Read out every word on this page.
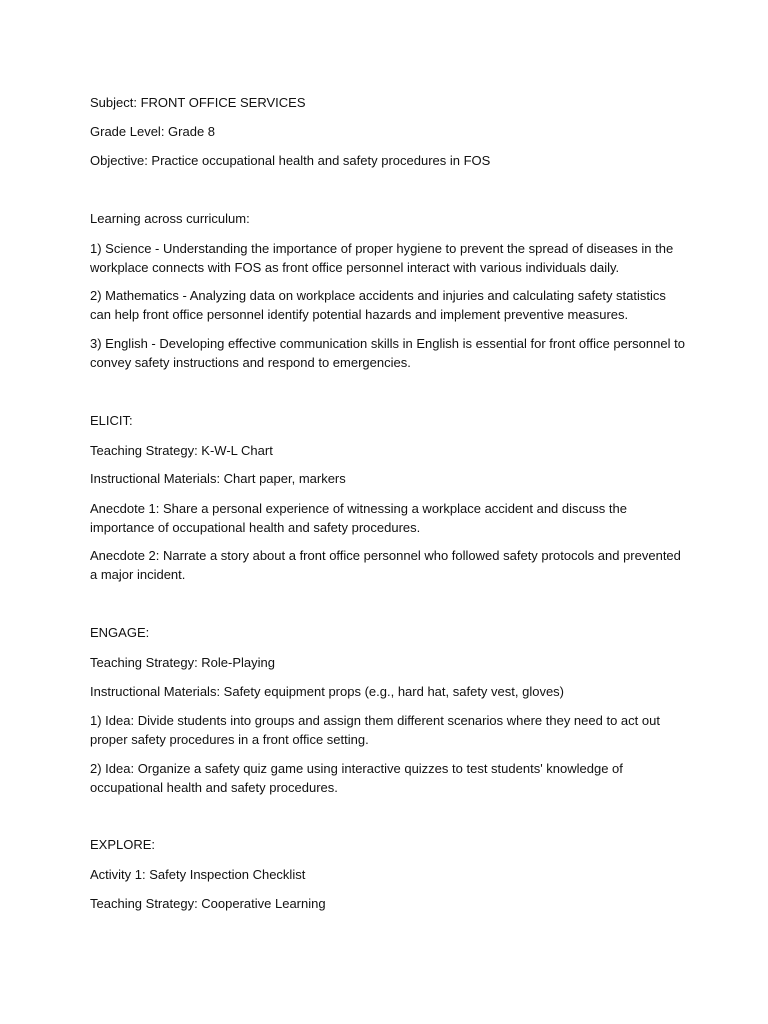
Subject: FRONT OFFICE SERVICES

Grade Level: Grade 8

Objective: Practice occupational health and safety procedures in FOS

Learning across curriculum:

1) Science - Understanding the importance of proper hygiene to prevent the spread of diseases in the workplace connects with FOS as front office personnel interact with various individuals daily.

2) Mathematics - Analyzing data on workplace accidents and injuries and calculating safety statistics can help front office personnel identify potential hazards and implement preventive measures.

3) English - Developing effective communication skills in English is essential for front office personnel to convey safety instructions and respond to emergencies.

ELICIT:

Teaching Strategy: K-W-L Chart

Instructional Materials: Chart paper, markers

Anecdote 1: Share a personal experience of witnessing a workplace accident and discuss the importance of occupational health and safety procedures.

Anecdote 2: Narrate a story about a front office personnel who followed safety protocols and prevented a major incident.

ENGAGE:

Teaching Strategy: Role-Playing

Instructional Materials: Safety equipment props (e.g., hard hat, safety vest, gloves)

1) Idea: Divide students into groups and assign them different scenarios where they need to act out proper safety procedures in a front office setting.

2) Idea: Organize a safety quiz game using interactive quizzes to test students' knowledge of occupational health and safety procedures.

EXPLORE:

Activity 1: Safety Inspection Checklist

Teaching Strategy: Cooperative Learning
